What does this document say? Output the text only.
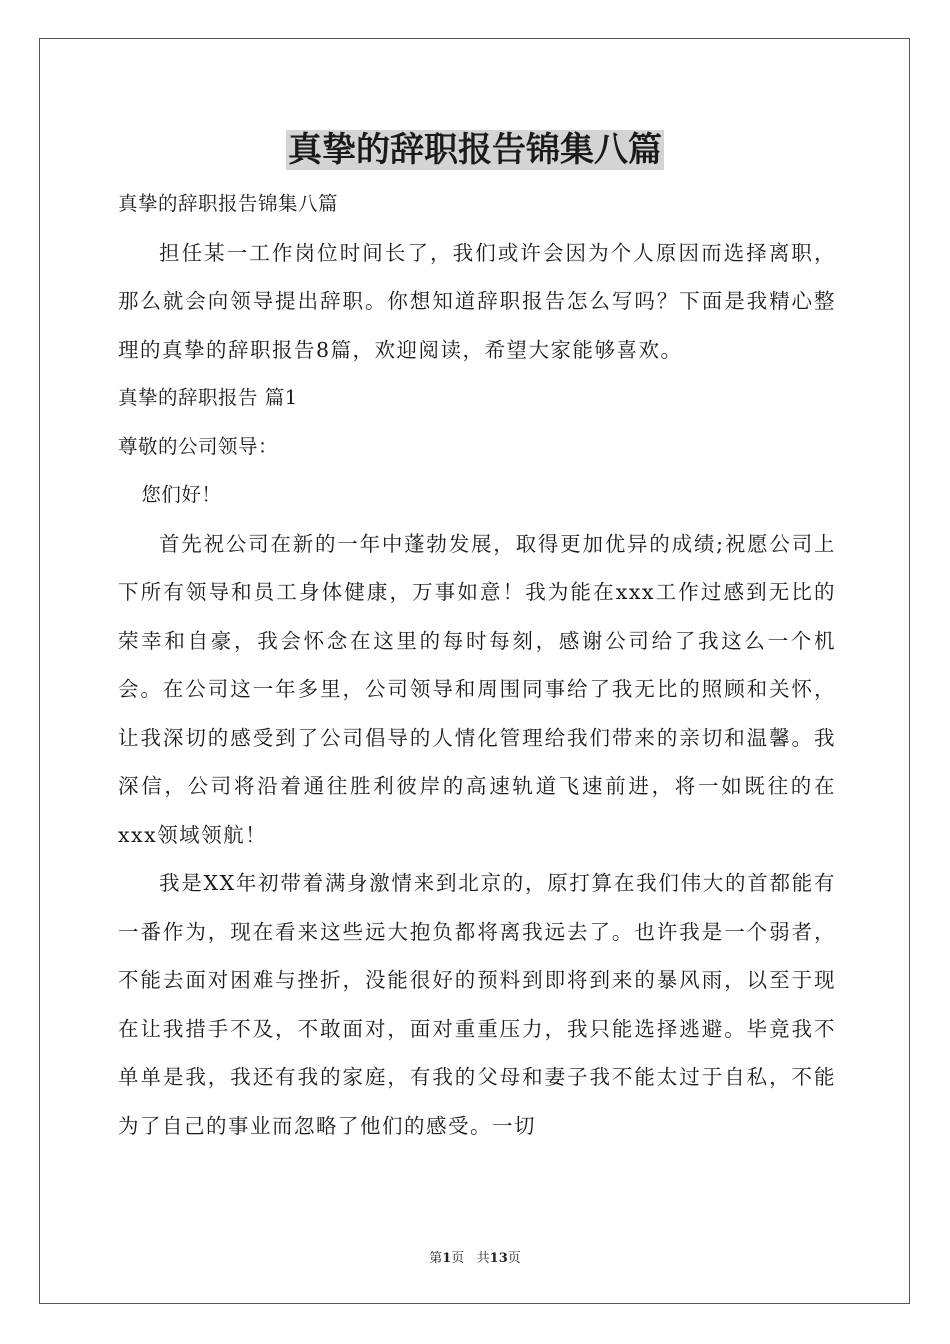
真挚的辞职报告锦集八篇

真挚的辞职报告锦集八篇

担任某一工作岗位时间长了，我们或许会因为个人原因而选择离职，那么就会向领导提出辞职。你想知道辞职报告怎么写吗？下面是我精心整理的真挚的辞职报告8篇，欢迎阅读，希望大家能够喜欢。

真挚的辞职报告 篇1

尊敬的公司领导：

您们好！

首先祝公司在新的一年中蓬勃发展，取得更加优异的成绩;祝愿公司上下所有领导和员工身体健康，万事如意！我为能在xxx工作过感到无比的荣幸和自豪，我会怀念在这里的每时每刻，感谢公司给了我这么一个机会。在公司这一年多里，公司领导和周围同事给了我无比的照顾和关怀，让我深切的感受到了公司倡导的人情化管理给我们带来的亲切和温馨。我深信，公司将沿着通往胜利彼岸的高速轨道飞速前进，将一如既往的在xxx领域领航！

我是XX年初带着满身激情来到北京的，原打算在我们伟大的首都能有一番作为，现在看来这些远大抱负都将离我远去了。也许我是一个弱者，不能去面对困难与挫折，没能很好的预料到即将到来的暴风雨，以至于现在让我措手不及，不敢面对，面对重重压力，我只能选择逃避。毕竟我不单单是我，我还有我的家庭，有我的父母和妻子我不能太过于自私，不能为了自己的事业而忽略了他们的感受。一切

第1页   共13页
